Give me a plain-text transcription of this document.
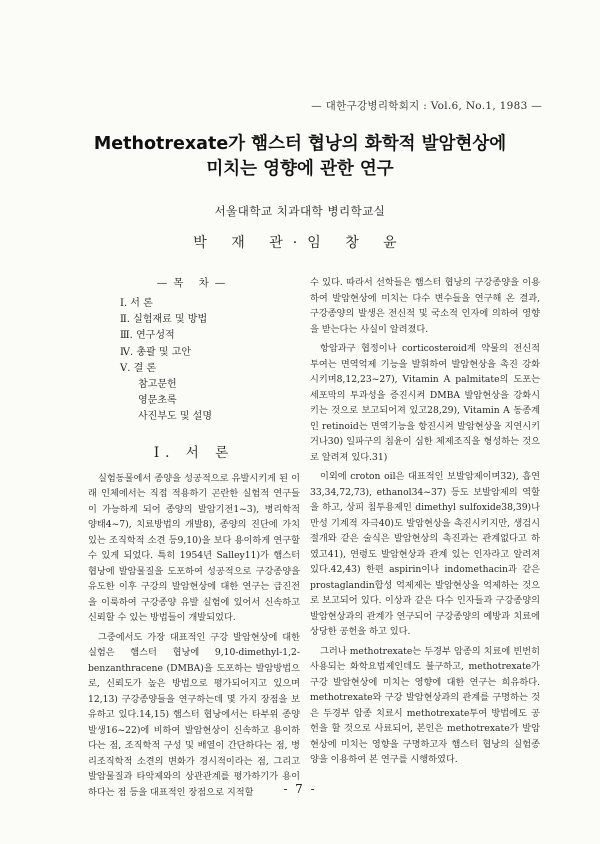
— 대한구강병리학회지 : Vol.6, No.1, 1983 —
Methotrexate가 햄스터 협낭의 화학적 발암현상에
미치는 영향에 관한 연구
서울대학교 치과대학 병리학교실
박 재 관·임 창 윤
—목 차—
Ⅰ. 서 론
Ⅱ. 실험재료 및 방법
Ⅲ. 연구성적
Ⅳ. 총괄 및 고안
Ⅴ. 결 론
참고문헌
영문초록
사진부도 및 설명
Ⅰ. 서 론

실험동물에서 종양을 성공적으로 유발시키게 된 이래 인체에서는 직접 적용하기 곤란한 실험적 연구들이 가능하게 되어 종양의 발암기전1~3), 병리학적 양태4~7), 치료방법의 개발8), 종양의 진단에 가치있는 조직학적 소견 등9,10)을 보다 용이하게 연구할 수 있게 되었다. 특히 1954년 Salley11)가 햄스터 협낭에 발암물질을 도포하여 성공적으로 구강종양을 유도한 이후 구강의 발암현상에 대한 연구는 급진전을 이룩하여 구강종양 유발 실험에 있어서 신속하고 신뢰할 수 있는 방법들이 개발되었다.

그중에서도 가장 대표적인 구강 발암현상에 대한 실험은 햄스터 협낭에 9,10-dimethyl-1,2-benzanthracene (DMBA)을 도포하는 발암방법으로, 신뢰도가 높은 방법으로 평가되어지고 있으며12,13) 구강종양들을 연구하는데 몇 가지 장점을 보유하고 있다.14,15) 햄스터 협낭에서는 타부위 종양발생16~22)에 비하여 발암현상이 신속하고 용이하다는 점, 조직학적 구성 및 배열이 간단하다는 점, 병리조직학적 소견의 변화가 경시적이라는 점, 그리고 발암물질과 타악제와의 상관관계를 평가하기가 용이하다는 점 등을 대표적인 장점으로 지적할

수 있다. 따라서 선학들은 햄스터 협낭의 구강종양을 이용하여 발암현상에 미치는 다수 변수들을 연구해 온 결과, 구강종양의 발생은 전신적 및 국소적 인자에 의하여 영향을 받는다는 사실이 알려졌다.

항암과구 협정이나 corticosteroid계 약물의 전신적 투여는 면역억제 기능을 발휘하여 발암현상을 촉진 강화시키며8,12,23~27), Vitamin A palmitate의 도포는 세포막의 투과성을 증진시켜 DMBA 발암현상을 강화시키는 것으로 보고되어져 있고28,29), Vitamin A 동종계인 retinoid는 면역기능을 항진시켜 발암현상을 지연시키거나30) 일파구의 침윤이 심한 체제조직을 형성하는 것으로 알려져 있다.31)

이외에 croton oil은 대표적인 보발암제이며32), 흡연33,34,72,73), ethanol34~37) 등도 보발암제의 역할을 하고, 상피 침투용제인 dimethyl sulfoxide38,39)나 만성 기계적 자극40)도 발암현상을 촉진시키지만, 생검시 절개와 같은 술식은 발암현상의 촉진과는 관계없다고 하였고41), 연령도 발암현상과 관계 있는 인자라고 알려져 있다.42,43) 한편 aspirin이나 indomethacin과 같은 prostaglandin합성 억제제는 발암현상을 억제하는 것으로 보고되어 있다. 이상과 같은 다수 인자들과 구강종양의 발암현상과의 관계가 연구되어 구강종양의 예방과 치료에 상당한 공헌을 하고 있다.

그러나 methotrexate는 두경부 암종의 치료에 빈번히 사용되는 화학요법제인데도 불구하고, methotrexate가 구강 발암현상에 미치는 영향에 대한 연구는 희유하다. methotrexate와 구강 발암현상과의 관계를 구명하는 것은 두경부 암종 치료시 methotrexate투여 방법에도 공헌을 할 것으로 사료되어, 본인은 methotrexate가 발암현상에 미치는 영향을 구명하고자 햄스터 협낭의 실험종양을 이용하여 본 연구를 시행하였다.

- 7 -
